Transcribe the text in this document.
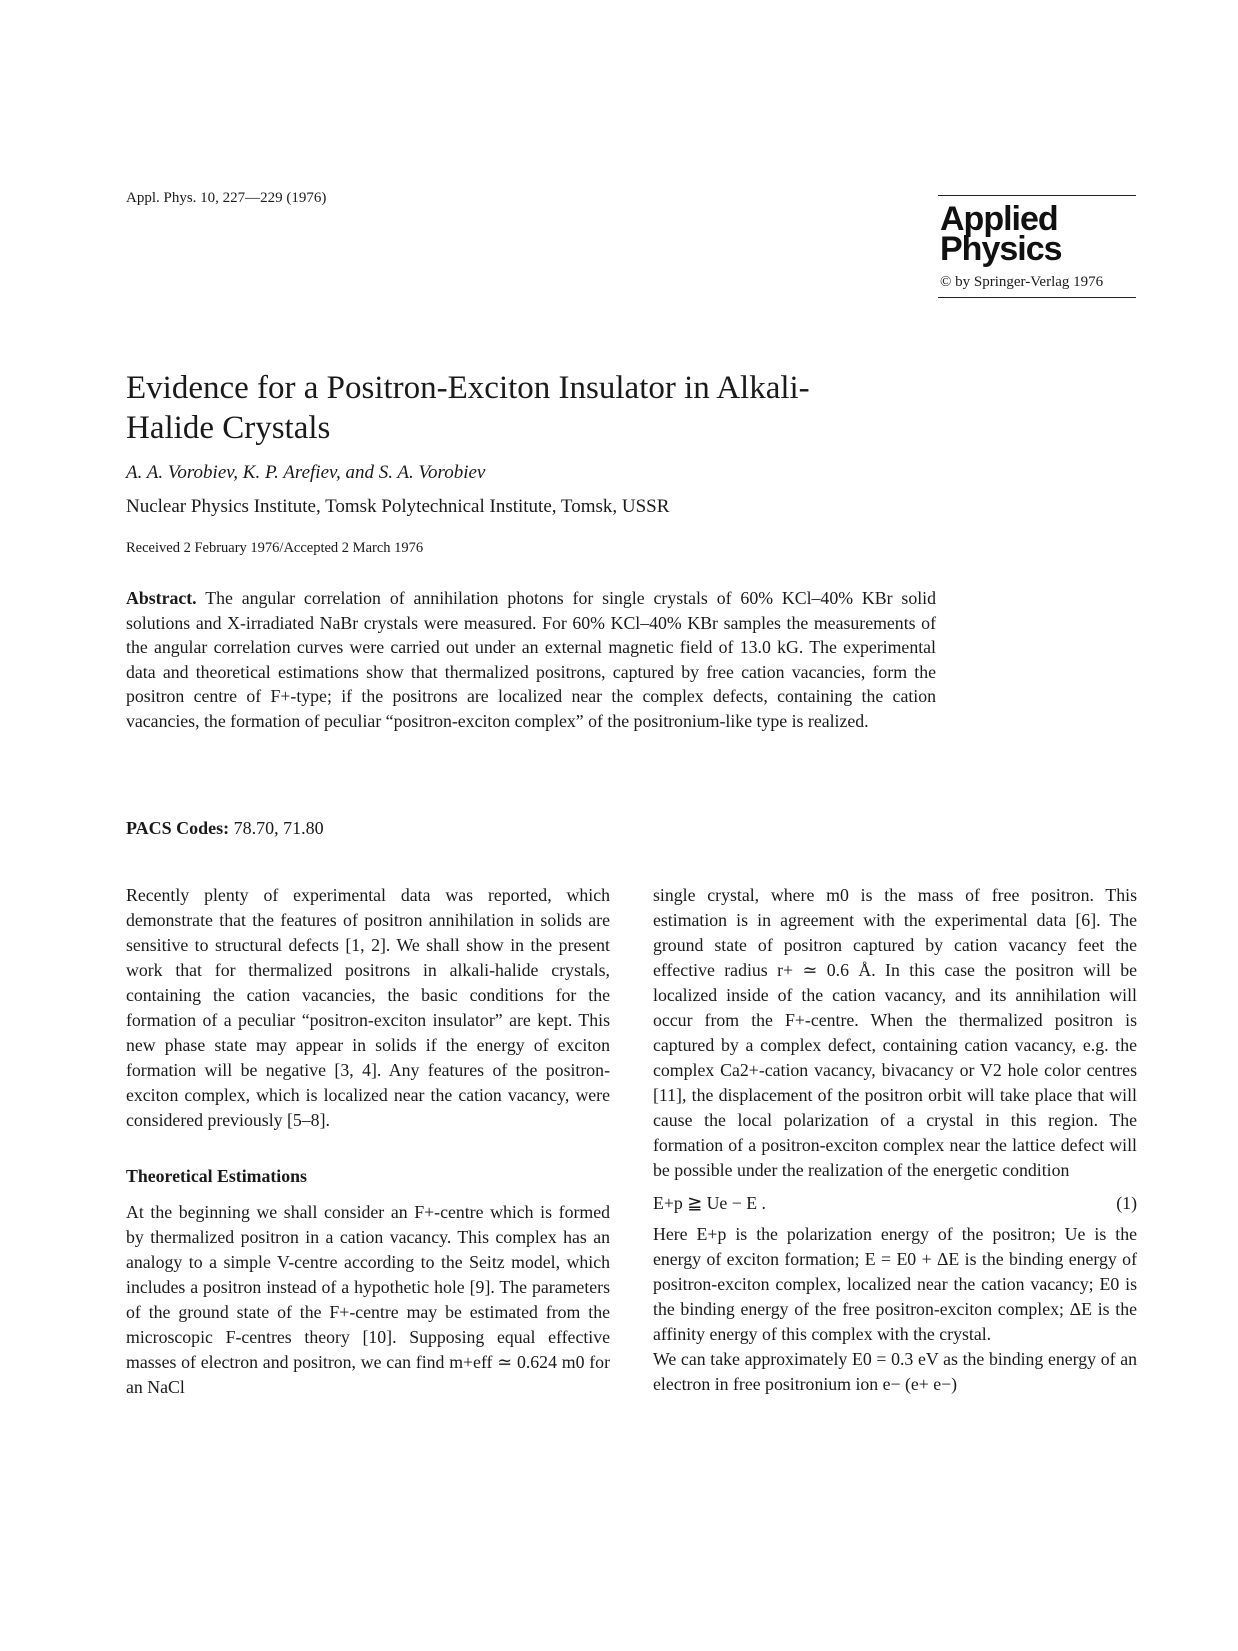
Appl. Phys. 10, 227—229 (1976)
Applied
Physics
© by Springer-Verlag 1976
Evidence for a Positron-Exciton Insulator in Alkali-Halide Crystals
A. A. Vorobiev, K. P. Arefiev, and S. A. Vorobiev
Nuclear Physics Institute, Tomsk Polytechnical Institute, Tomsk, USSR
Received 2 February 1976/Accepted 2 March 1976
Abstract. The angular correlation of annihilation photons for single crystals of 60% KCl–40% KBr solid solutions and X-irradiated NaBr crystals were measured. For 60% KCl–40% KBr samples the measurements of the angular correlation curves were carried out under an external magnetic field of 13.0 kG. The experimental data and theoretical estimations show that thermalized positrons, captured by free cation vacancies, form the positron centre of F+-type; if the positrons are localized near the complex defects, containing the cation vacancies, the formation of peculiar “positron-exciton complex” of the positronium-like type is realized.
PACS Codes: 78.70, 71.80

Recently plenty of experimental data was reported, which demonstrate that the features of positron annihilation in solids are sensitive to structural defects [1, 2]. We shall show in the present work that for thermalized positrons in alkali-halide crystals, containing the cation vacancies, the basic conditions for the formation of a peculiar “positron-exciton insulator” are kept. This new phase state may appear in solids if the energy of exciton formation will be negative [3, 4]. Any features of the positron-exciton complex, which is localized near the cation vacancy, were considered previously [5–8].

Theoretical Estimations

At the beginning we shall consider an F+-centre which is formed by thermalized positron in a cation vacancy. This complex has an analogy to a simple V-centre according to the Seitz model, which includes a positron instead of a hypothetic hole [9]. The parameters of the ground state of the F+-centre may be estimated from the microscopic F-centres theory [10]. Supposing equal effective masses of electron and positron, we can find m+eff ≃ 0.624 m0 for an NaCl

single crystal, where m0 is the mass of free positron. This estimation is in agreement with the experimental data [6]. The ground state of positron captured by cation vacancy feet the effective radius r+ ≃ 0.6 Å. In this case the positron will be localized inside of the cation vacancy, and its annihilation will occur from the F+-centre. When the thermalized positron is captured by a complex defect, containing cation vacancy, e.g. the complex Ca2+-cation vacancy, bivacancy or V2 hole color centres [11], the displacement of the positron orbit will take place that will cause the local polarization of a crystal in this region. The formation of a positron-exciton complex near the lattice defect will be possible under the realization of the energetic condition

E+p ≧ Ue − E .	(1)

Here E+p is the polarization energy of the positron; Ue is the energy of exciton formation; E = E0 + ΔE is the binding energy of positron-exciton complex, localized near the cation vacancy; E0 is the binding energy of the free positron-exciton complex; ΔE is the affinity energy of this complex with the crystal.

We can take approximately E0 = 0.3 eV as the binding energy of an electron in free positronium ion e− (e+ e−)
